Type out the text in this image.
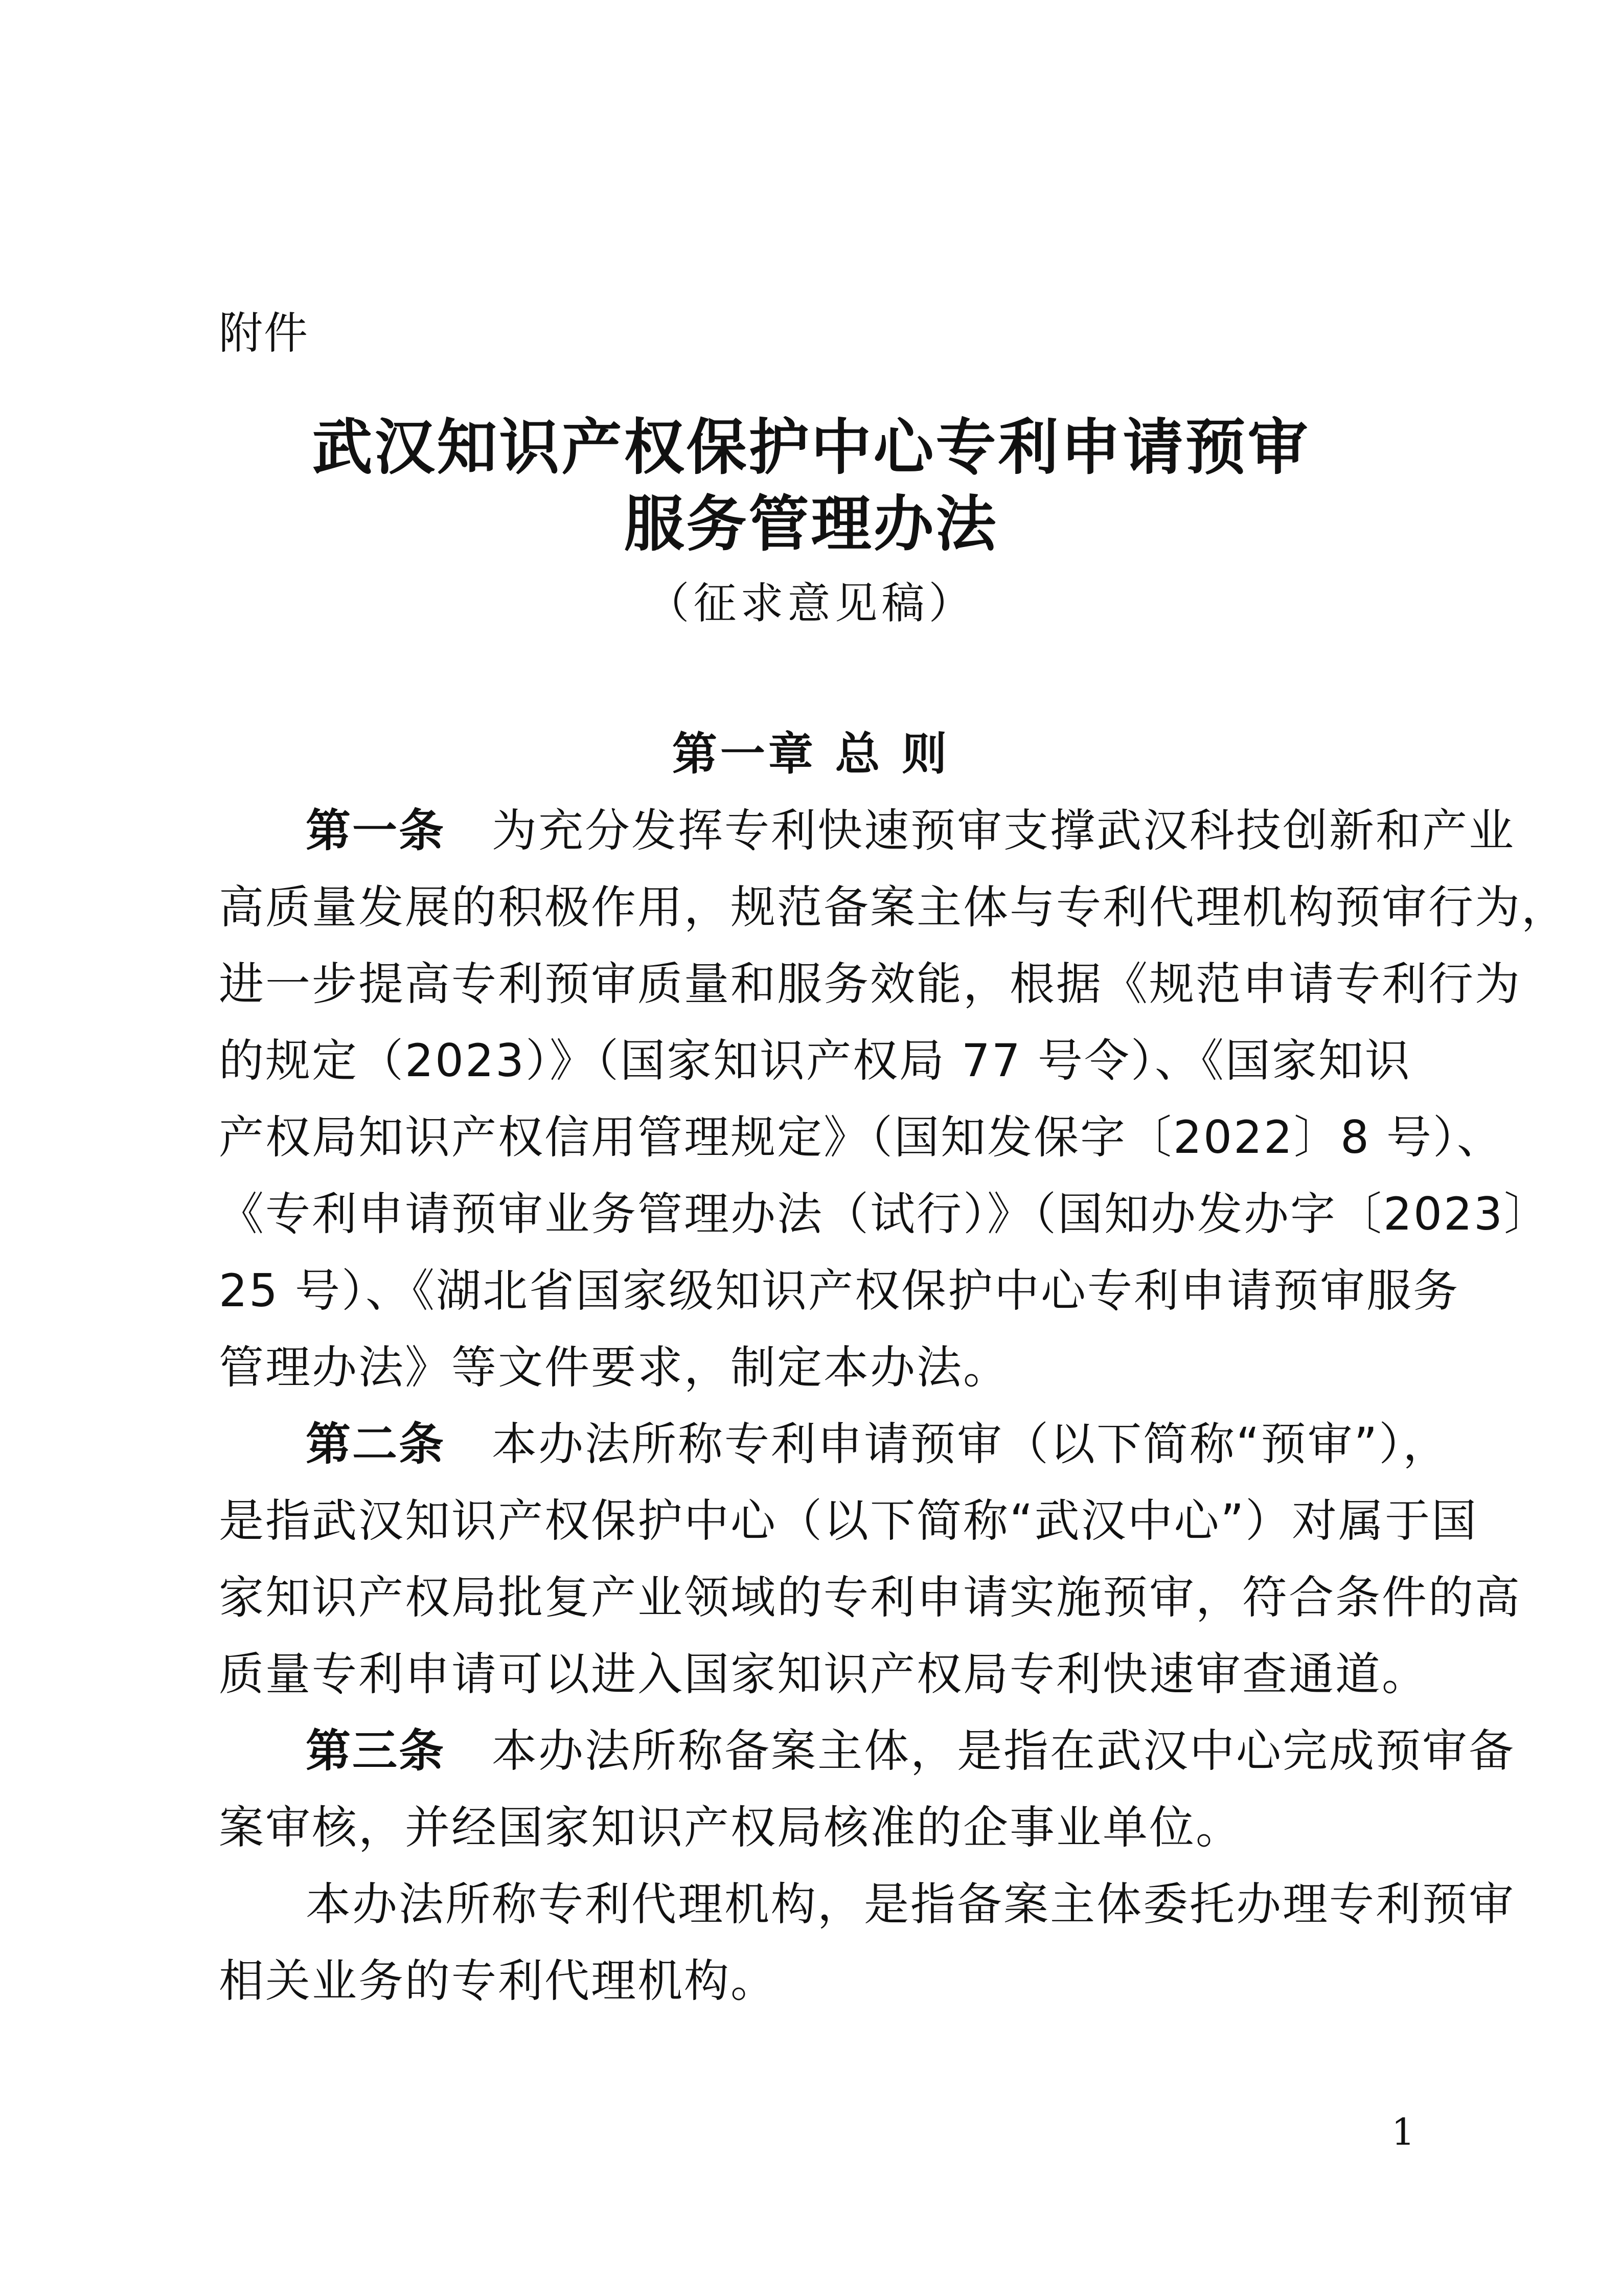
附件
武汉知识产权保护中心专利申请预审
服务管理办法
（征求意见稿）
第一章 总 则
第一条  为充分发挥专利快速预审支撑武汉科技创新和产业
高质量发展的积极作用，规范备案主体与专利代理机构预审行为，
进一步提高专利预审质量和服务效能，根据《规范申请专利行为
的规定（2023）》（国家知识产权局 77 号令）、《国家知识
产权局知识产权信用管理规定》（国知发保字〔2022〕8 号）、
《专利申请预审业务管理办法（试行）》（国知办发办字〔2023〕
25 号）、《湖北省国家级知识产权保护中心专利申请预审服务
管理办法》等文件要求，制定本办法。
第二条  本办法所称专利申请预审（以下简称“预审”），
是指武汉知识产权保护中心（以下简称“武汉中心”）对属于国
家知识产权局批复产业领域的专利申请实施预审，符合条件的高
质量专利申请可以进入国家知识产权局专利快速审查通道。
第三条  本办法所称备案主体，是指在武汉中心完成预审备
案审核，并经国家知识产权局核准的企事业单位。
本办法所称专利代理机构，是指备案主体委托办理专利预审
相关业务的专利代理机构。
1
